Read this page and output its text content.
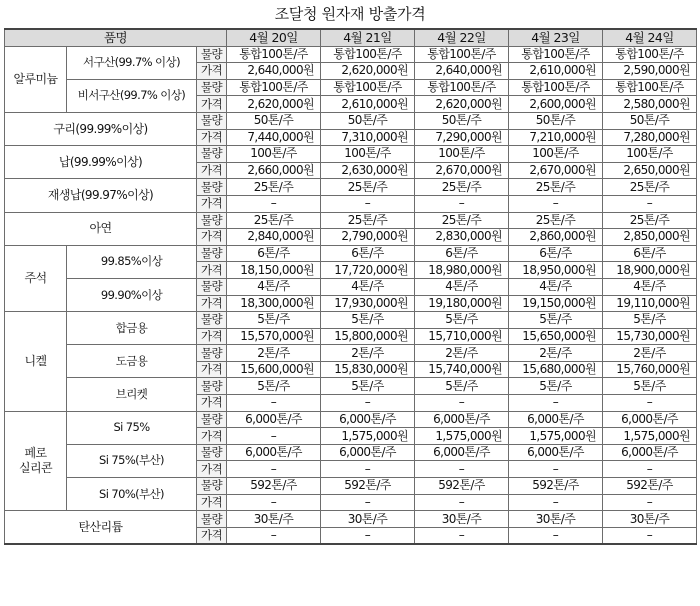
조달청 원자재 방출가격
품명			4월 20일	4월 21일	4월 22일	4월 23일	4월 24일
알루미늄	서구산(99.7% 이상)	물량	통합100톤/주	통합100톤/주	통합100톤/주	통합100톤/주	통합100톤/주
		가격	2,640,000원	2,620,000원	2,640,000원	2,610,000원	2,590,000원
	비서구산(99.7% 이상)	물량	통합100톤/주	통합100톤/주	통합100톤/주	통합100톤/주	통합100톤/주
		가격	2,620,000원	2,610,000원	2,620,000원	2,600,000원	2,580,000원
구리(99.99%이상)		물량	50톤/주	50톤/주	50톤/주	50톤/주	50톤/주
		가격	7,440,000원	7,310,000원	7,290,000원	7,210,000원	7,280,000원
납(99.99%이상)		물량	100톤/주	100톤/주	100톤/주	100톤/주	100톤/주
		가격	2,660,000원	2,630,000원	2,670,000원	2,670,000원	2,650,000원
재생납(99.97%이상)		물량	25톤/주	25톤/주	25톤/주	25톤/주	25톤/주
		가격	–	–	–	–	–
아연		물량	25톤/주	25톤/주	25톤/주	25톤/주	25톤/주
		가격	2,840,000원	2,790,000원	2,830,000원	2,860,000원	2,850,000원
주석	99.85%이상	물량	6톤/주	6톤/주	6톤/주	6톤/주	6톤/주
		가격	18,150,000원	17,720,000원	18,980,000원	18,950,000원	18,900,000원
	99.90%이상	물량	4톤/주	4톤/주	4톤/주	4톤/주	4톤/주
		가격	18,300,000원	17,930,000원	19,180,000원	19,150,000원	19,110,000원
니켈	합금용	물량	5톤/주	5톤/주	5톤/주	5톤/주	5톤/주
		가격	15,570,000원	15,800,000원	15,710,000원	15,650,000원	15,730,000원
	도금용	물량	2톤/주	2톤/주	2톤/주	2톤/주	2톤/주
		가격	15,600,000원	15,830,000원	15,740,000원	15,680,000원	15,760,000원
	브리켓	물량	5톤/주	5톤/주	5톤/주	5톤/주	5톤/주
		가격	–	–	–	–	–
페로
실리콘	Si 75%	물량	6,000톤/주	6,000톤/주	6,000톤/주	6,000톤/주	6,000톤/주
		가격	–	1,575,000원	1,575,000원	1,575,000원	1,575,000원
	Si 75%(부산)	물량	6,000톤/주	6,000톤/주	6,000톤/주	6,000톤/주	6,000톤/주
		가격	–	–	–	–	–
	Si 70%(부산)	물량	592톤/주	592톤/주	592톤/주	592톤/주	592톤/주
		가격	–	–	–	–	–
탄산리튬		물량	30톤/주	30톤/주	30톤/주	30톤/주	30톤/주
		가격	–	–	–	–	–
